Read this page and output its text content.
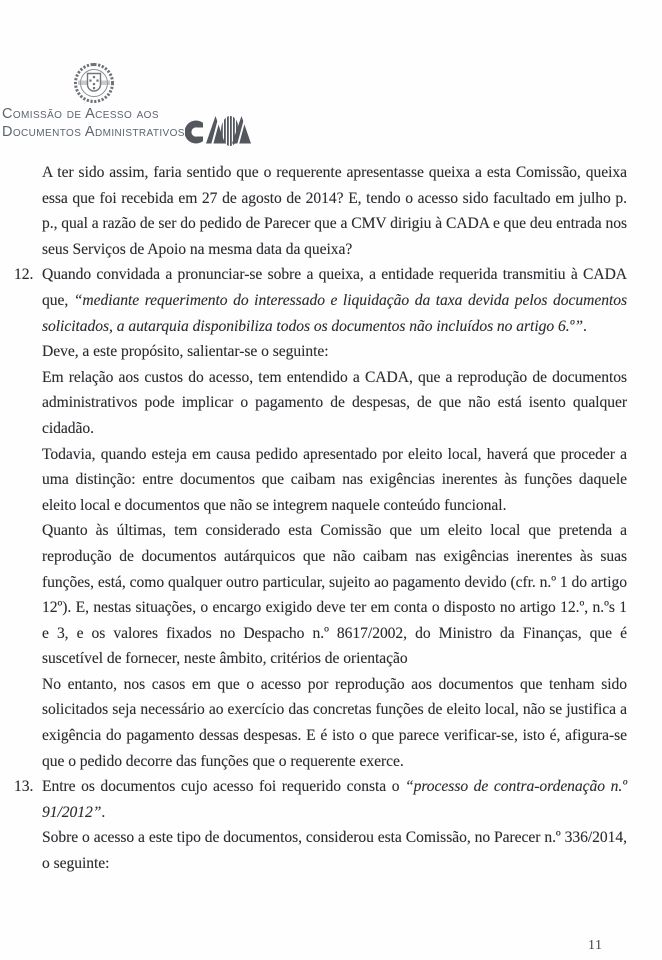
Comissão de Acesso aos
Documentos Administrativos
A ter sido assim, faria sentido que o requerente apresentasse queixa a esta Comissão, queixa essa que foi recebida em 27 de agosto de 2014? E, tendo o acesso sido facultado em julho p. p., qual a razão de ser do pedido de Parecer que a CMV dirigiu à CADA e que deu entrada nos seus Serviços de Apoio na mesma data da queixa?
12. Quando convidada a pronunciar-se sobre a queixa, a entidade requerida transmitiu à CADA que, “mediante requerimento do interessado e liquidação da taxa devida pelos documentos solicitados, a autarquia disponibiliza todos os documentos não incluídos no artigo 6.º”.
Deve, a este propósito, salientar-se o seguinte:
Em relação aos custos do acesso, tem entendido a CADA, que a reprodução de documentos administrativos pode implicar o pagamento de despesas, de que não está isento qualquer cidadão.
Todavia, quando esteja em causa pedido apresentado por eleito local, haverá que proceder a uma distinção: entre documentos que caibam nas exigências inerentes às funções daquele eleito local e documentos que não se integrem naquele conteúdo funcional.
Quanto às últimas, tem considerado esta Comissão que um eleito local que pretenda a reprodução de documentos autárquicos que não caibam nas exigências inerentes às suas funções, está, como qualquer outro particular, sujeito ao pagamento devido (cfr. n.º 1 do artigo 12º). E, nestas situações, o encargo exigido deve ter em conta o disposto no artigo 12.º, n.ºs 1 e 3, e os valores fixados no Despacho n.º 8617/2002, do Ministro da Finanças, que é suscetível de fornecer, neste âmbito, critérios de orientação
No entanto, nos casos em que o acesso por reprodução aos documentos que tenham sido solicitados seja necessário ao exercício das concretas funções de eleito local, não se justifica a exigência do pagamento dessas despesas. E é isto o que parece verificar-se, isto é, afigura-se que o pedido decorre das funções que o requerente exerce.
13. Entre os documentos cujo acesso foi requerido consta o “processo de contra-ordenação n.º 91/2012”.
Sobre o acesso a este tipo de documentos, considerou esta Comissão, no Parecer n.º 336/2014, o seguinte:
11
